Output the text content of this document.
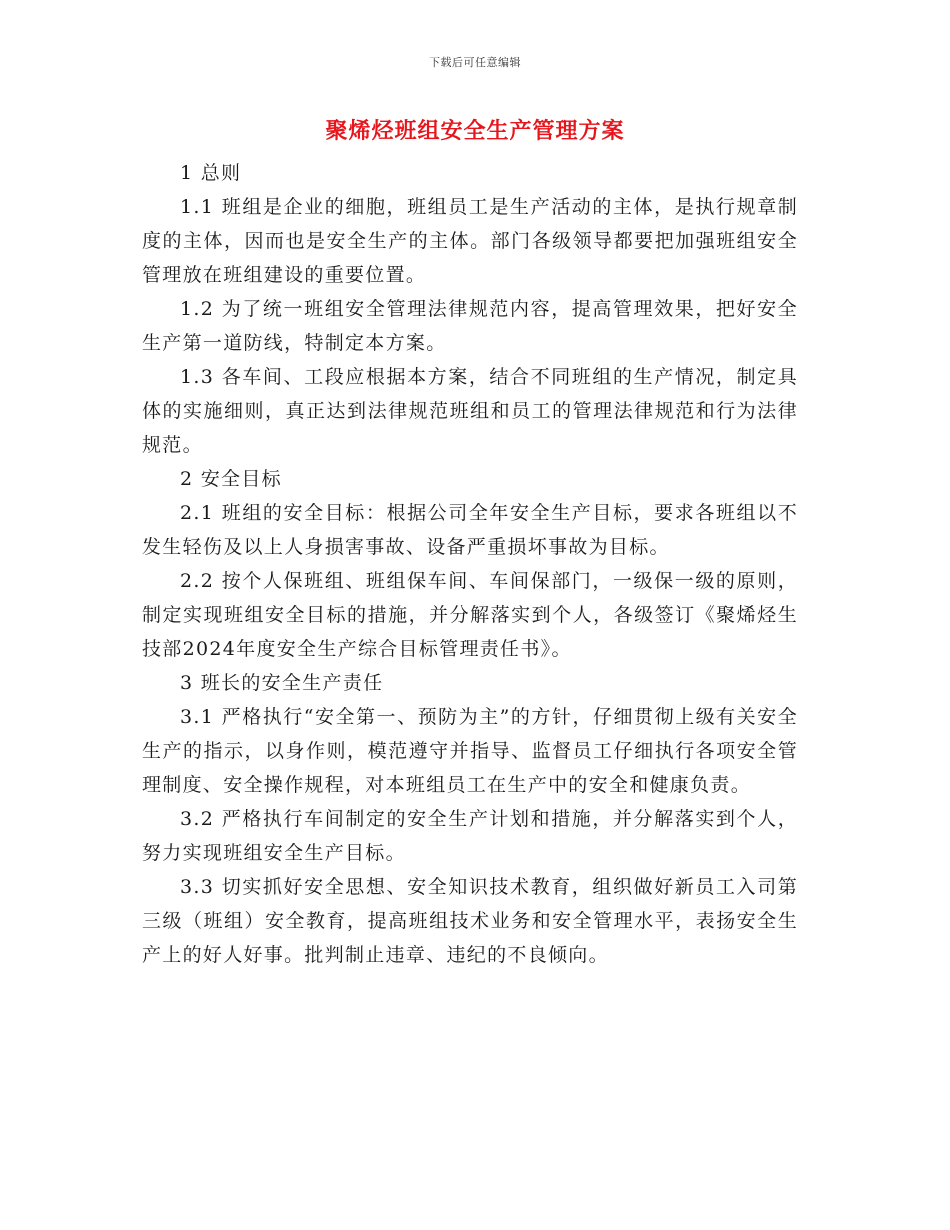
下载后可任意编辑
聚烯烃班组安全生产管理方案

1 总则

1.1 班组是企业的细胞，班组员工是生产活动的主体，是执行规章制度的主体，因而也是安全生产的主体。部门各级领导都要把加强班组安全管理放在班组建设的重要位置。

1.2 为了统一班组安全管理法律规范内容，提高管理效果，把好安全生产第一道防线，特制定本方案。

1.3 各车间、工段应根据本方案，结合不同班组的生产情况，制定具体的实施细则，真正达到法律规范班组和员工的管理法律规范和行为法律规范。

2 安全目标

2.1 班组的安全目标：根据公司全年安全生产目标，要求各班组以不发生轻伤及以上人身损害事故、设备严重损坏事故为目标。

2.2 按个人保班组、班组保车间、车间保部门，一级保一级的原则，制定实现班组安全目标的措施，并分解落实到个人，各级签订《聚烯烃生技部2024年度安全生产综合目标管理责任书》。

3 班长的安全生产责任

3.1 严格执行“安全第一、预防为主”的方针，仔细贯彻上级有关安全生产的指示，以身作则，模范遵守并指导、监督员工仔细执行各项安全管理制度、安全操作规程，对本班组员工在生产中的安全和健康负责。

3.2 严格执行车间制定的安全生产计划和措施，并分解落实到个人，努力实现班组安全生产目标。

3.3 切实抓好安全思想、安全知识技术教育，组织做好新员工入司第三级（班组）安全教育，提高班组技术业务和安全管理水平，表扬安全生产上的好人好事。批判制止违章、违纪的不良倾向。
